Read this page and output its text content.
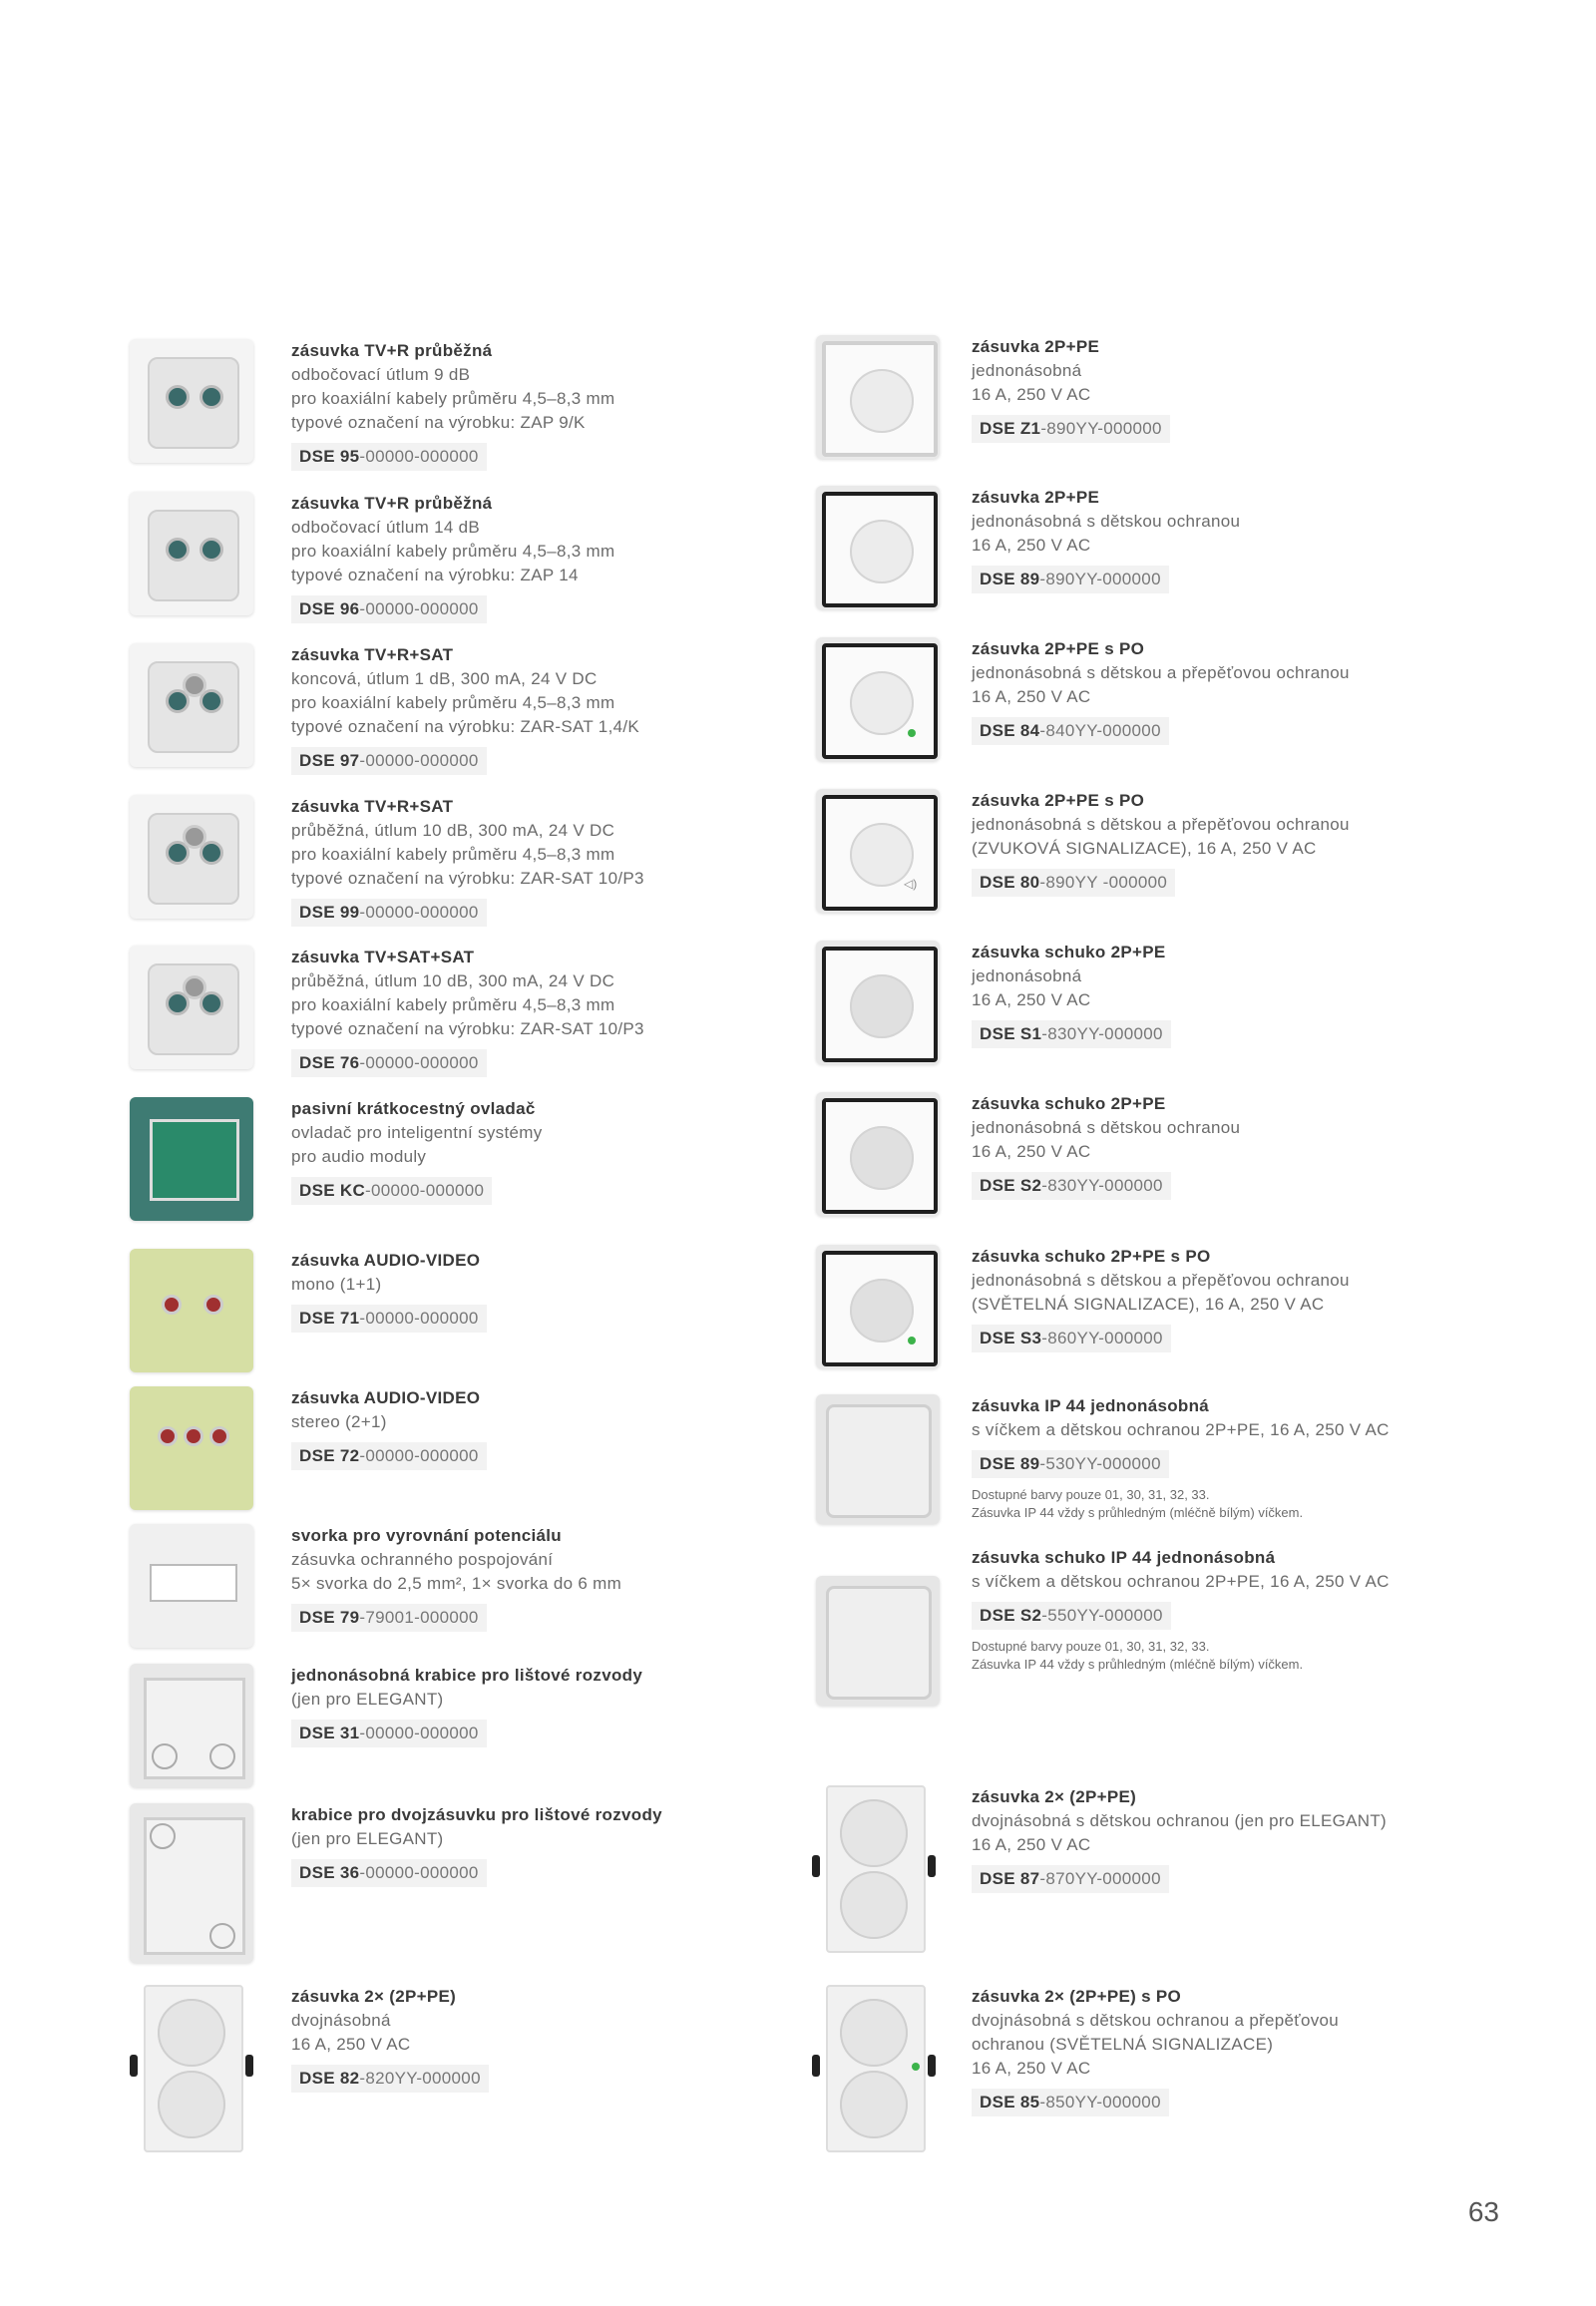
zásuvka TV+R průběžná
odbočovací útlum 9 dB
pro koaxiální kabely průměru 4,5–8,3 mm
typové označení na výrobku: ZAP 9/K
DSE 95-00000-000000
zásuvka TV+R průběžná
odbočovací útlum 14 dB
pro koaxiální kabely průměru 4,5–8,3 mm
typové označení na výrobku: ZAP 14
DSE 96-00000-000000
zásuvka TV+R+SAT
koncová, útlum 1 dB, 300 mA, 24 V DC
pro koaxiální kabely průměru 4,5–8,3 mm
typové označení na výrobku: ZAR-SAT 1,4/K
DSE 97-00000-000000
zásuvka TV+R+SAT
průběžná, útlum 10 dB, 300 mA, 24 V DC
pro koaxiální kabely průměru 4,5–8,3 mm
typové označení na výrobku: ZAR-SAT 10/P3
DSE 99-00000-000000
zásuvka TV+SAT+SAT
průběžná, útlum 10 dB, 300 mA, 24 V DC
pro koaxiální kabely průměru 4,5–8,3 mm
typové označení na výrobku: ZAR-SAT 10/P3
DSE 76-00000-000000
pasivní krátkocestný ovladač
ovladač pro inteligentní systémy
pro audio moduly
DSE KC-00000-000000
zásuvka AUDIO-VIDEO
mono (1+1)
DSE 71-00000-000000
zásuvka AUDIO-VIDEO
stereo (2+1)
DSE 72-00000-000000
svorka pro vyrovnání potenciálu
zásuvka ochranného pospojování
5× svorka do 2,5 mm², 1× svorka do 6 mm
DSE 79-79001-000000
jednonásobná krabice pro lištové rozvody
(jen pro ELEGANT)
DSE 31-00000-000000
krabice pro dvojzásuvku pro lištové rozvody
(jen pro ELEGANT)
DSE 36-00000-000000
zásuvka 2× (2P+PE)
dvojnásobná
16 A, 250 V AC
DSE 82-820YY-000000
zásuvka 2P+PE
jednonásobná
16 A, 250 V AC
DSE Z1-890YY-000000
zásuvka 2P+PE
jednonásobná s dětskou ochranou
16 A, 250 V AC
DSE 89-890YY-000000
zásuvka 2P+PE s PO
jednonásobná s dětskou a přepěťovou ochranou
16 A, 250 V AC
DSE 84-840YY-000000
◁)
zásuvka 2P+PE s PO
jednonásobná s dětskou a přepěťovou ochranou
(ZVUKOVÁ SIGNALIZACE), 16 A, 250 V AC
DSE 80-890YY -000000
zásuvka schuko 2P+PE
jednonásobná
16 A, 250 V AC
DSE S1-830YY-000000
zásuvka schuko 2P+PE
jednonásobná s dětskou ochranou
16 A, 250 V AC
DSE S2-830YY-000000
zásuvka schuko 2P+PE s PO
jednonásobná s dětskou a přepěťovou ochranou
(SVĚTELNÁ SIGNALIZACE), 16 A, 250 V AC
DSE S3-860YY-000000
zásuvka IP 44 jednonásobná
s víčkem a dětskou ochranou 2P+PE, 16 A, 250 V AC
DSE 89-530YY-000000
Dostupné barvy pouze 01, 30, 31, 32, 33.
Zásuvka IP 44 vždy s průhledným (mléčně bílým) víčkem.
zásuvka schuko IP 44 jednonásobná
s víčkem a dětskou ochranou 2P+PE, 16 A, 250 V AC
DSE S2-550YY-000000
Dostupné barvy pouze 01, 30, 31, 32, 33.
Zásuvka IP 44 vždy s průhledným (mléčně bílým) víčkem.
zásuvka 2× (2P+PE)
dvojnásobná s dětskou ochranou (jen pro ELEGANT)
16 A, 250 V AC
DSE 87-870YY-000000
zásuvka 2× (2P+PE) s PO
dvojnásobná s dětskou ochranou a přepěťovou
ochranou (SVĚTELNÁ SIGNALIZACE)
16 A, 250 V AC
DSE 85-850YY-000000
63
